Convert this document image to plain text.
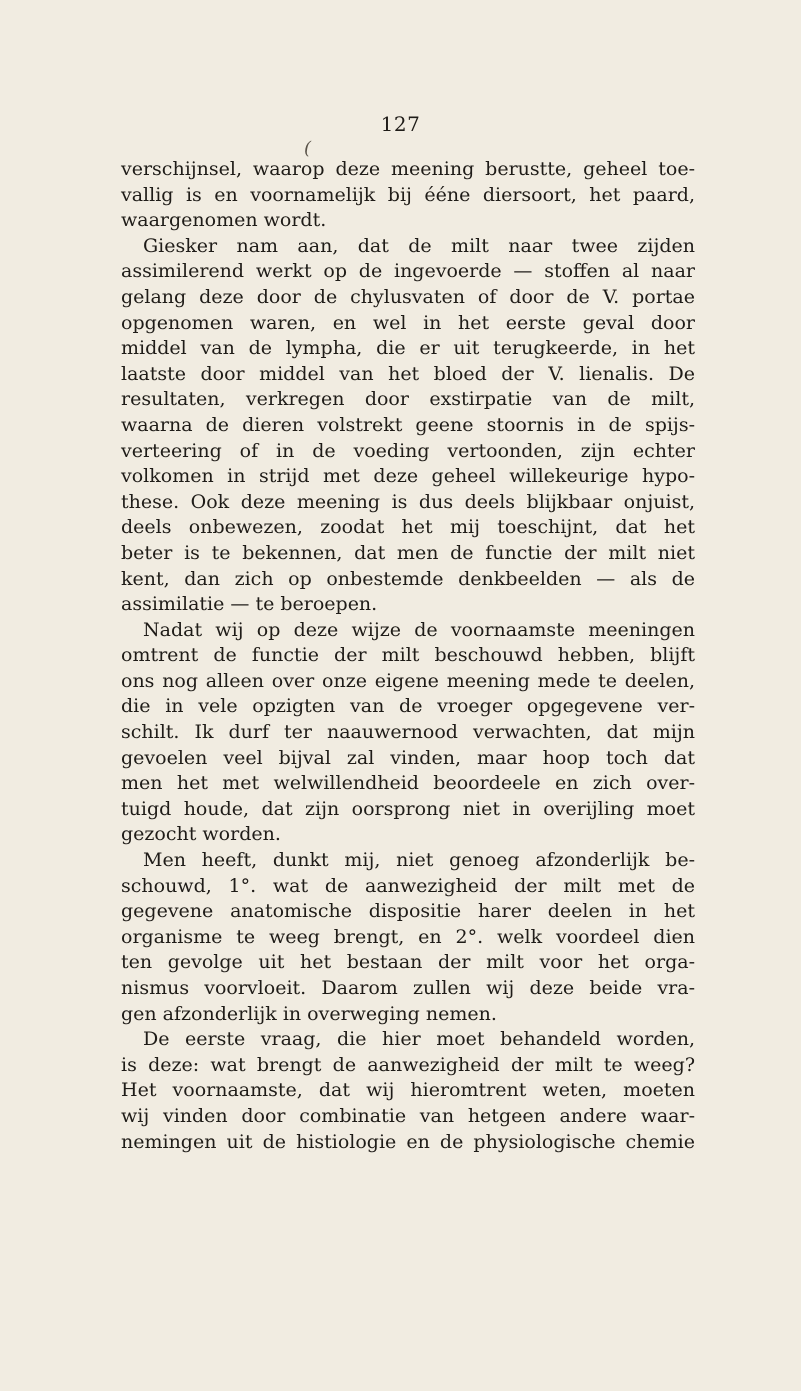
127
(
verschijnsel, waarop deze meening berustte, geheel toe-
vallig is en voornamelijk bij ééne diersoort, het paard,
waargenomen wordt.
Giesker nam aan, dat de milt naar twee zijden
assimilerend werkt op de ingevoerde — stoffen al naar
gelang deze door de chylusvaten of door de V. portae
opgenomen waren, en wel in het eerste geval door
middel van de lympha, die er uit terugkeerde, in het
laatste door middel van het bloed der V. lienalis. De
resultaten, verkregen door exstirpatie van de milt,
waarna de dieren volstrekt geene stoornis in de spijs-
verteering of in de voeding vertoonden, zijn echter
volkomen in strijd met deze geheel willekeurige hypo-
these. Ook deze meening is dus deels blijkbaar onjuist,
deels onbewezen, zoodat het mij toeschijnt, dat het
beter is te bekennen, dat men de functie der milt niet
kent, dan zich op onbestemde denkbeelden — als de
assimilatie — te beroepen.
Nadat wij op deze wijze de voornaamste meeningen
omtrent de functie der milt beschouwd hebben, blijft
ons nog alleen over onze eigene meening mede te deelen,
die in vele opzigten van de vroeger opgegevene ver-
schilt. Ik durf ter naauwernood verwachten, dat mijn
gevoelen veel bijval zal vinden, maar hoop toch dat
men het met welwillendheid beoordeele en zich over-
tuigd houde, dat zijn oorsprong niet in overijling moet
gezocht worden.
Men heeft, dunkt mij, niet genoeg afzonderlijk be-
schouwd, 1°. wat de aanwezigheid der milt met de
gegevene anatomische dispositie harer deelen in het
organisme te weeg brengt, en 2°. welk voordeel dien
ten gevolge uit het bestaan der milt voor het orga-
nismus voorvloeit. Daarom zullen wij deze beide vra-
gen afzonderlijk in overweging nemen.
De eerste vraag, die hier moet behandeld worden,
is deze: wat brengt de aanwezigheid der milt te weeg?
Het voornaamste, dat wij hieromtrent weten, moeten
wij vinden door combinatie van hetgeen andere waar-
nemingen uit de histiologie en de physiologische chemie
